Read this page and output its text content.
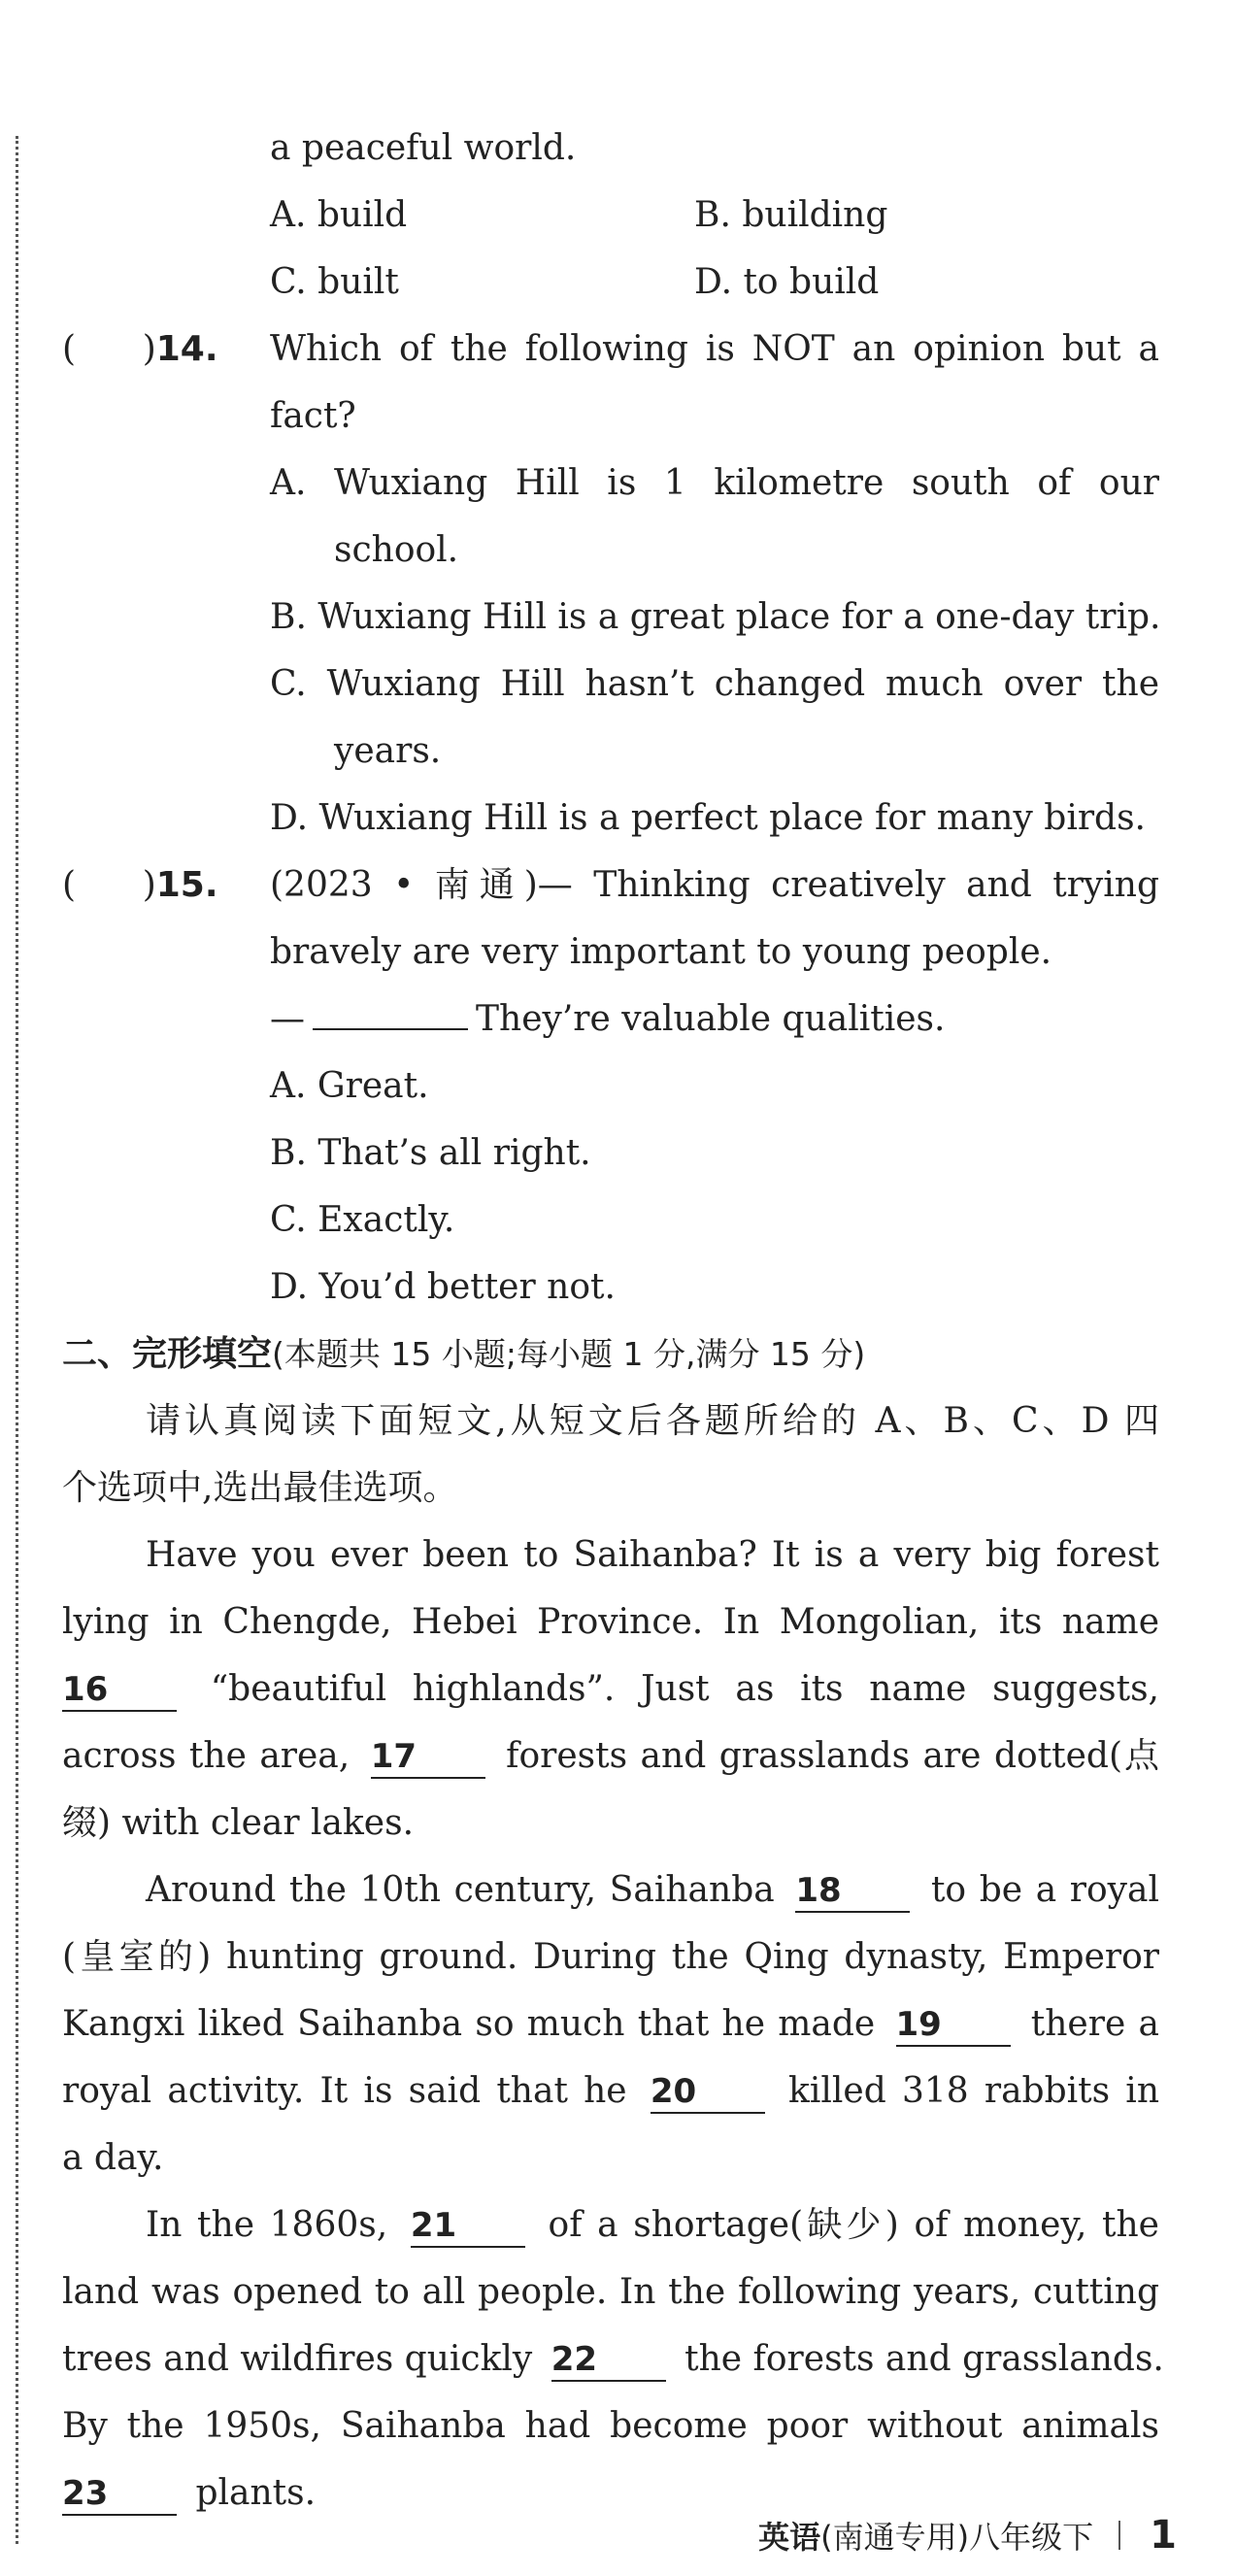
a peaceful world.
A. build	B. building
C. built	D. to build
(      )14.	Which of the following is NOT an opinion but a
fact?
A. Wuxiang Hill is 1 kilometre south of our
school.
B. Wuxiang Hill is a great place for a one-day trip.
C. Wuxiang Hill hasn’t changed much over the
years.
D. Wuxiang Hill is a perfect place for many birds.
(      )15.	(2023 • 南通)— Thinking creatively and trying
bravely are very important to young people.
—	They’re valuable qualities.
A. Great.
B. That’s all right.
C. Exactly.
D. You’d better not.
二、完形填空(本题共 15 小题;每小题 1 分,满分 15 分)
请认真阅读下面短文,从短文后各题所给的 A、B、C、D 四
个选项中,选出最佳选项。
Have you ever been to Saihanba? It is a very big forest
lying in Chengde, Hebei Province. In Mongolian, its name
16	“beautiful highlands”. Just as its name suggests,
across the area, 17	forests and grasslands are dotted(点
缀) with clear lakes.
Around the 10th century, Saihanba 18	to be a royal
(皇室的) hunting ground. During the Qing dynasty, Emperor
Kangxi liked Saihanba so much that he made 19	there a
royal activity. It is said that he 20	killed 318 rabbits in
a day.
In the 1860s, 21	of a shortage(缺少) of money, the
land was opened to all people. In the following years, cutting
trees and wildfires quickly 22	the forests and grasslands.
By the 1950s, Saihanba had become poor without animals
23	plants.
英语(南通专用)八年级下 1
